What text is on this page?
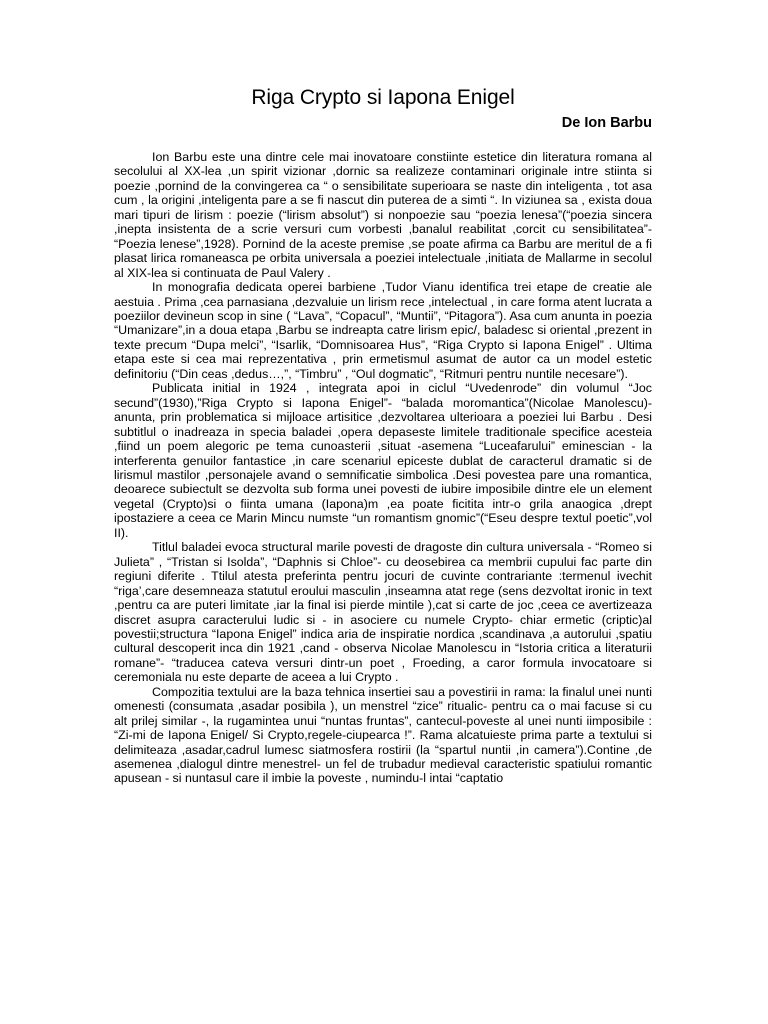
Riga Crypto si Iapona Enigel
De Ion Barbu

Ion Barbu este una dintre cele mai inovatoare constiinte estetice din literatura romana al secolului al XX-lea ,un spirit vizionar ,dornic sa realizeze contaminari originale intre stiinta si poezie ,pornind de la convingerea ca “ o sensibilitate superioara se naste din inteligenta , tot asa cum , la origini ,inteligenta pare a se fi nascut din puterea de a simti “. In viziunea sa , exista doua mari tipuri de lirism : poezie (“lirism absolut”) si nonpoezie sau “poezia lenesa”(“poezia sincera ,inepta insistenta de a scrie versuri cum vorbesti ,banalul reabilitat ,corcit cu sensibilitatea”- “Poezia lenese”,1928). Pornind de la aceste premise ,se poate afirma ca Barbu are meritul de a fi plasat lirica romaneasca pe orbita universala a poeziei intelectuale ,initiata de Mallarme in secolul al XIX-lea si continuata de Paul Valery .

In monografia dedicata operei barbiene ,Tudor Vianu identifica trei etape de creatie ale aestuia . Prima ,cea parnasiana ,dezvaluie un lirism rece ,intelectual , in care forma atent lucrata a poeziilor devineun scop in sine ( “Lava”, “Copacul”, “Muntii”, “Pitagora”). Asa cum anunta in poezia “Umanizare”,in a doua etapa ,Barbu se indreapta catre lirism epic/, baladesc si oriental ,prezent in texte precum “Dupa melci”, “Isarlik, “Domnisoarea Hus”, “Riga Crypto si Iapona Enigel” . Ultima etapa este si cea mai reprezentativa , prin ermetismul asumat de autor ca un model estetic definitoriu (“Din ceas ,dedus…,”, “Timbru” , “Oul dogmatic”, “Ritmuri pentru nuntile necesare”).

Publicata initial in 1924 , integrata apoi in ciclul “Uvedenrode” din volumul “Joc secund”(1930),”Riga Crypto si Iapona Enigel”- “balada moromantica”(Nicolae Manolescu)- anunta, prin problematica si mijloace artisitice ,dezvoltarea ulterioara a poeziei lui Barbu . Desi subtitlul o inadreaza in specia baladei ,opera depaseste limitele traditionale specifice acesteia ,fiind un poem alegoric pe tema cunoasterii ,situat -asemena “Luceafarului” eminescian - la interferenta genuilor fantastice ,in care scenariul epiceste dublat de caracterul dramatic si de lirismul mastilor ,personajele avand o semnificatie simbolica .Desi povestea pare una romantica, deoarece subiectult se dezvolta sub forma unei povesti de iubire imposibile dintre ele un element vegetal (Crypto)si o fiinta umana (Iapona)m ,ea poate ficitita intr-o grila anaogica ,drept ipostaziere a ceea ce Marin Mincu numste “un romantism gnomic”(“Eseu despre textul poetic”,vol II).

Titlul baladei evoca structural marile povesti de dragoste din cultura universala - “Romeo si Julieta” , “Tristan si Isolda”, “Daphnis si Chloe”- cu deosebirea ca membrii cupului fac parte din regiuni diferite . Ttilul atesta preferinta pentru jocuri de cuvinte contrariante :termenul ivechit “riga’,care desemneaza statutul eroului masculin ,inseamna atat rege (sens dezvoltat ironic in text ,pentru ca are puteri limitate ,iar la final isi pierde mintile ),cat si carte de joc ,ceea ce avertizeaza discret asupra caracterului ludic si - in asociere cu numele Crypto- chiar ermetic (criptic)al povestii;structura “Iapona Enigel” indica aria de inspiratie nordica ,scandinava ,a autorului ,spatiu cultural descoperit inca din 1921 ,cand - observa Nicolae Manolescu in “Istoria critica a literaturii romane”- “traducea cateva versuri dintr-un poet , Froeding, a caror formula invocatoare si ceremoniala nu este departe de aceea a lui Crypto .

Compozitia textului are la baza tehnica insertiei sau a povestirii in rama: la finalul unei nunti omenesti (consumata ,asadar posibila ), un menstrel “zice” ritualic- pentru ca o mai facuse si cu alt prilej similar -, la rugamintea unui “nuntas fruntas”, cantecul-poveste al unei nunti iimposibile : “Zi-mi de Iapona Enigel/ Si Crypto,regele-ciupearca !”. Rama alcatuieste prima parte a textului si delimiteaza ,asadar,cadrul lumesc siatmosfera rostirii (la “spartul nuntii ,in camera”).Contine ,de asemenea ,dialogul dintre menestrel- un fel de trubadur medieval caracteristic spatiului romantic apusean - si nuntasul care il imbie la poveste , numindu-l intai “captatio
